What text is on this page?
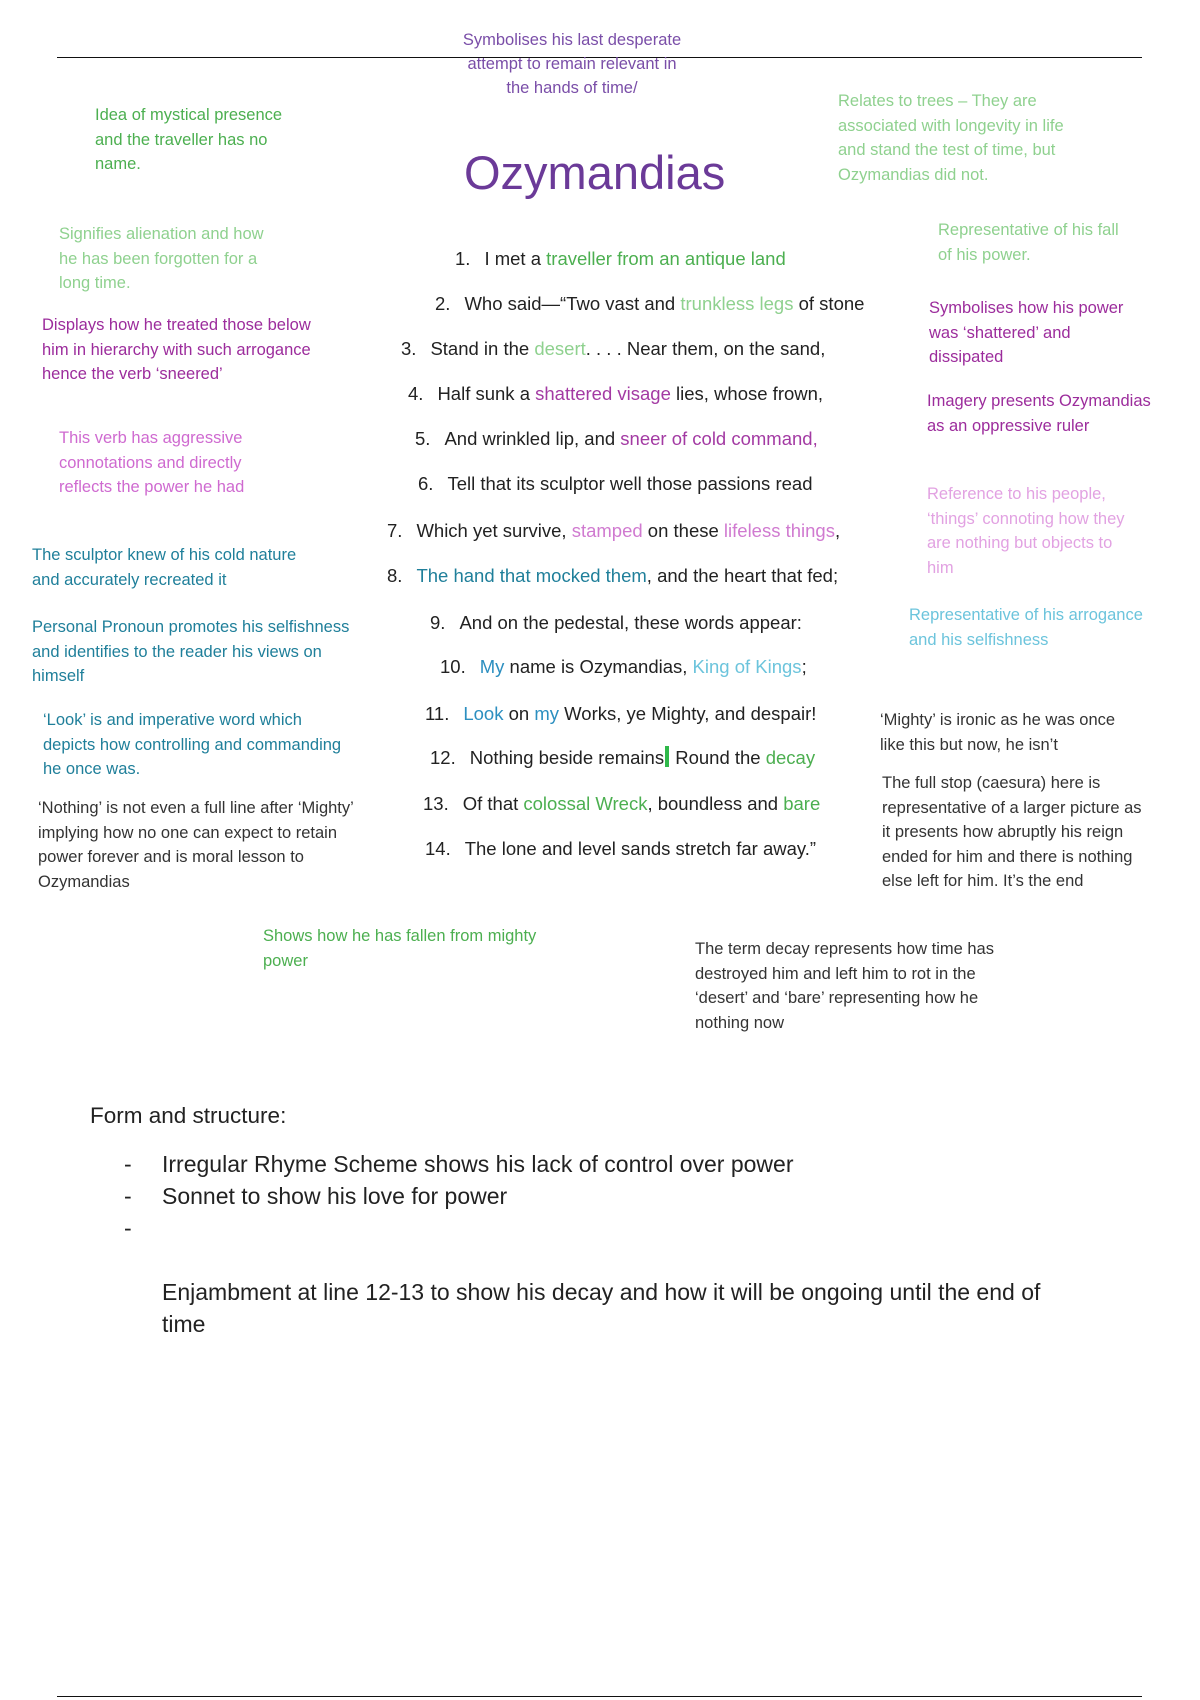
Symbolises his last desperate
attempt to remain relevant in
the hands of time/

Ozymandias

Idea of mystical presence
and the traveller has no
name.

Signifies alienation and how
he has been forgotten for a
long time.

Displays how he treated those below
him in hierarchy with such arrogance
hence the verb ‘sneered’

This verb has aggressive
connotations and directly
reflects the power he had

The sculptor knew of his cold nature
and accurately recreated it

Personal Pronoun promotes his selfishness
and identifies to the reader his views on
himself

‘Look’ is and imperative word which
depicts how controlling and commanding
he once was.

‘Nothing’ is not even a full line after ‘Mighty’
implying how no one can expect to retain
power forever and is moral lesson to
Ozymandias

Relates to trees – They are
associated with longevity in life
and stand the test of time, but
Ozymandias did not.

Representative of his fall
of his power.

Symbolises how his power
was ‘shattered’ and
dissipated

Imagery presents Ozymandias
as an oppressive ruler

Reference to his people,
‘things’ connoting how they
are nothing but objects to
him

Representative of his arrogance
and his selfishness

‘Mighty’ is ironic as he was once
like this but now, he isn’t

The full stop (caesura) here is
representative of a larger picture as
it presents how abruptly his reign
ended for him and there is nothing
else left for him. It’s the end

Shows how he has fallen from mighty
power

The term decay represents how time has
destroyed him and left him to rot in the
‘desert’ and ‘bare’ representing how he
nothing now

1. I met a traveller from an antique land
2. Who said—“Two vast and trunkless legs of stone
3. Stand in the desert. . . . Near them, on the sand,
4. Half sunk a shattered visage lies, whose frown,
5. And wrinkled lip, and sneer of cold command,
6. Tell that its sculptor well those passions read
7. Which yet survive, stamped on these lifeless things,
8. The hand that mocked them, and the heart that fed;
9. And on the pedestal, these words appear:
10. My name is Ozymandias, King of Kings;
11. Look on my Works, ye Mighty, and despair!
12. Nothing beside remains Round the decay
13. Of that colossal Wreck, boundless and bare
14. The lone and level sands stretch far away.”
Form and structure:
- Irregular Rhyme Scheme shows his lack of control over power
- Sonnet to show his love for power

-

Enjambment at line 12-13 to show his decay and how it will be ongoing until the end of
time
